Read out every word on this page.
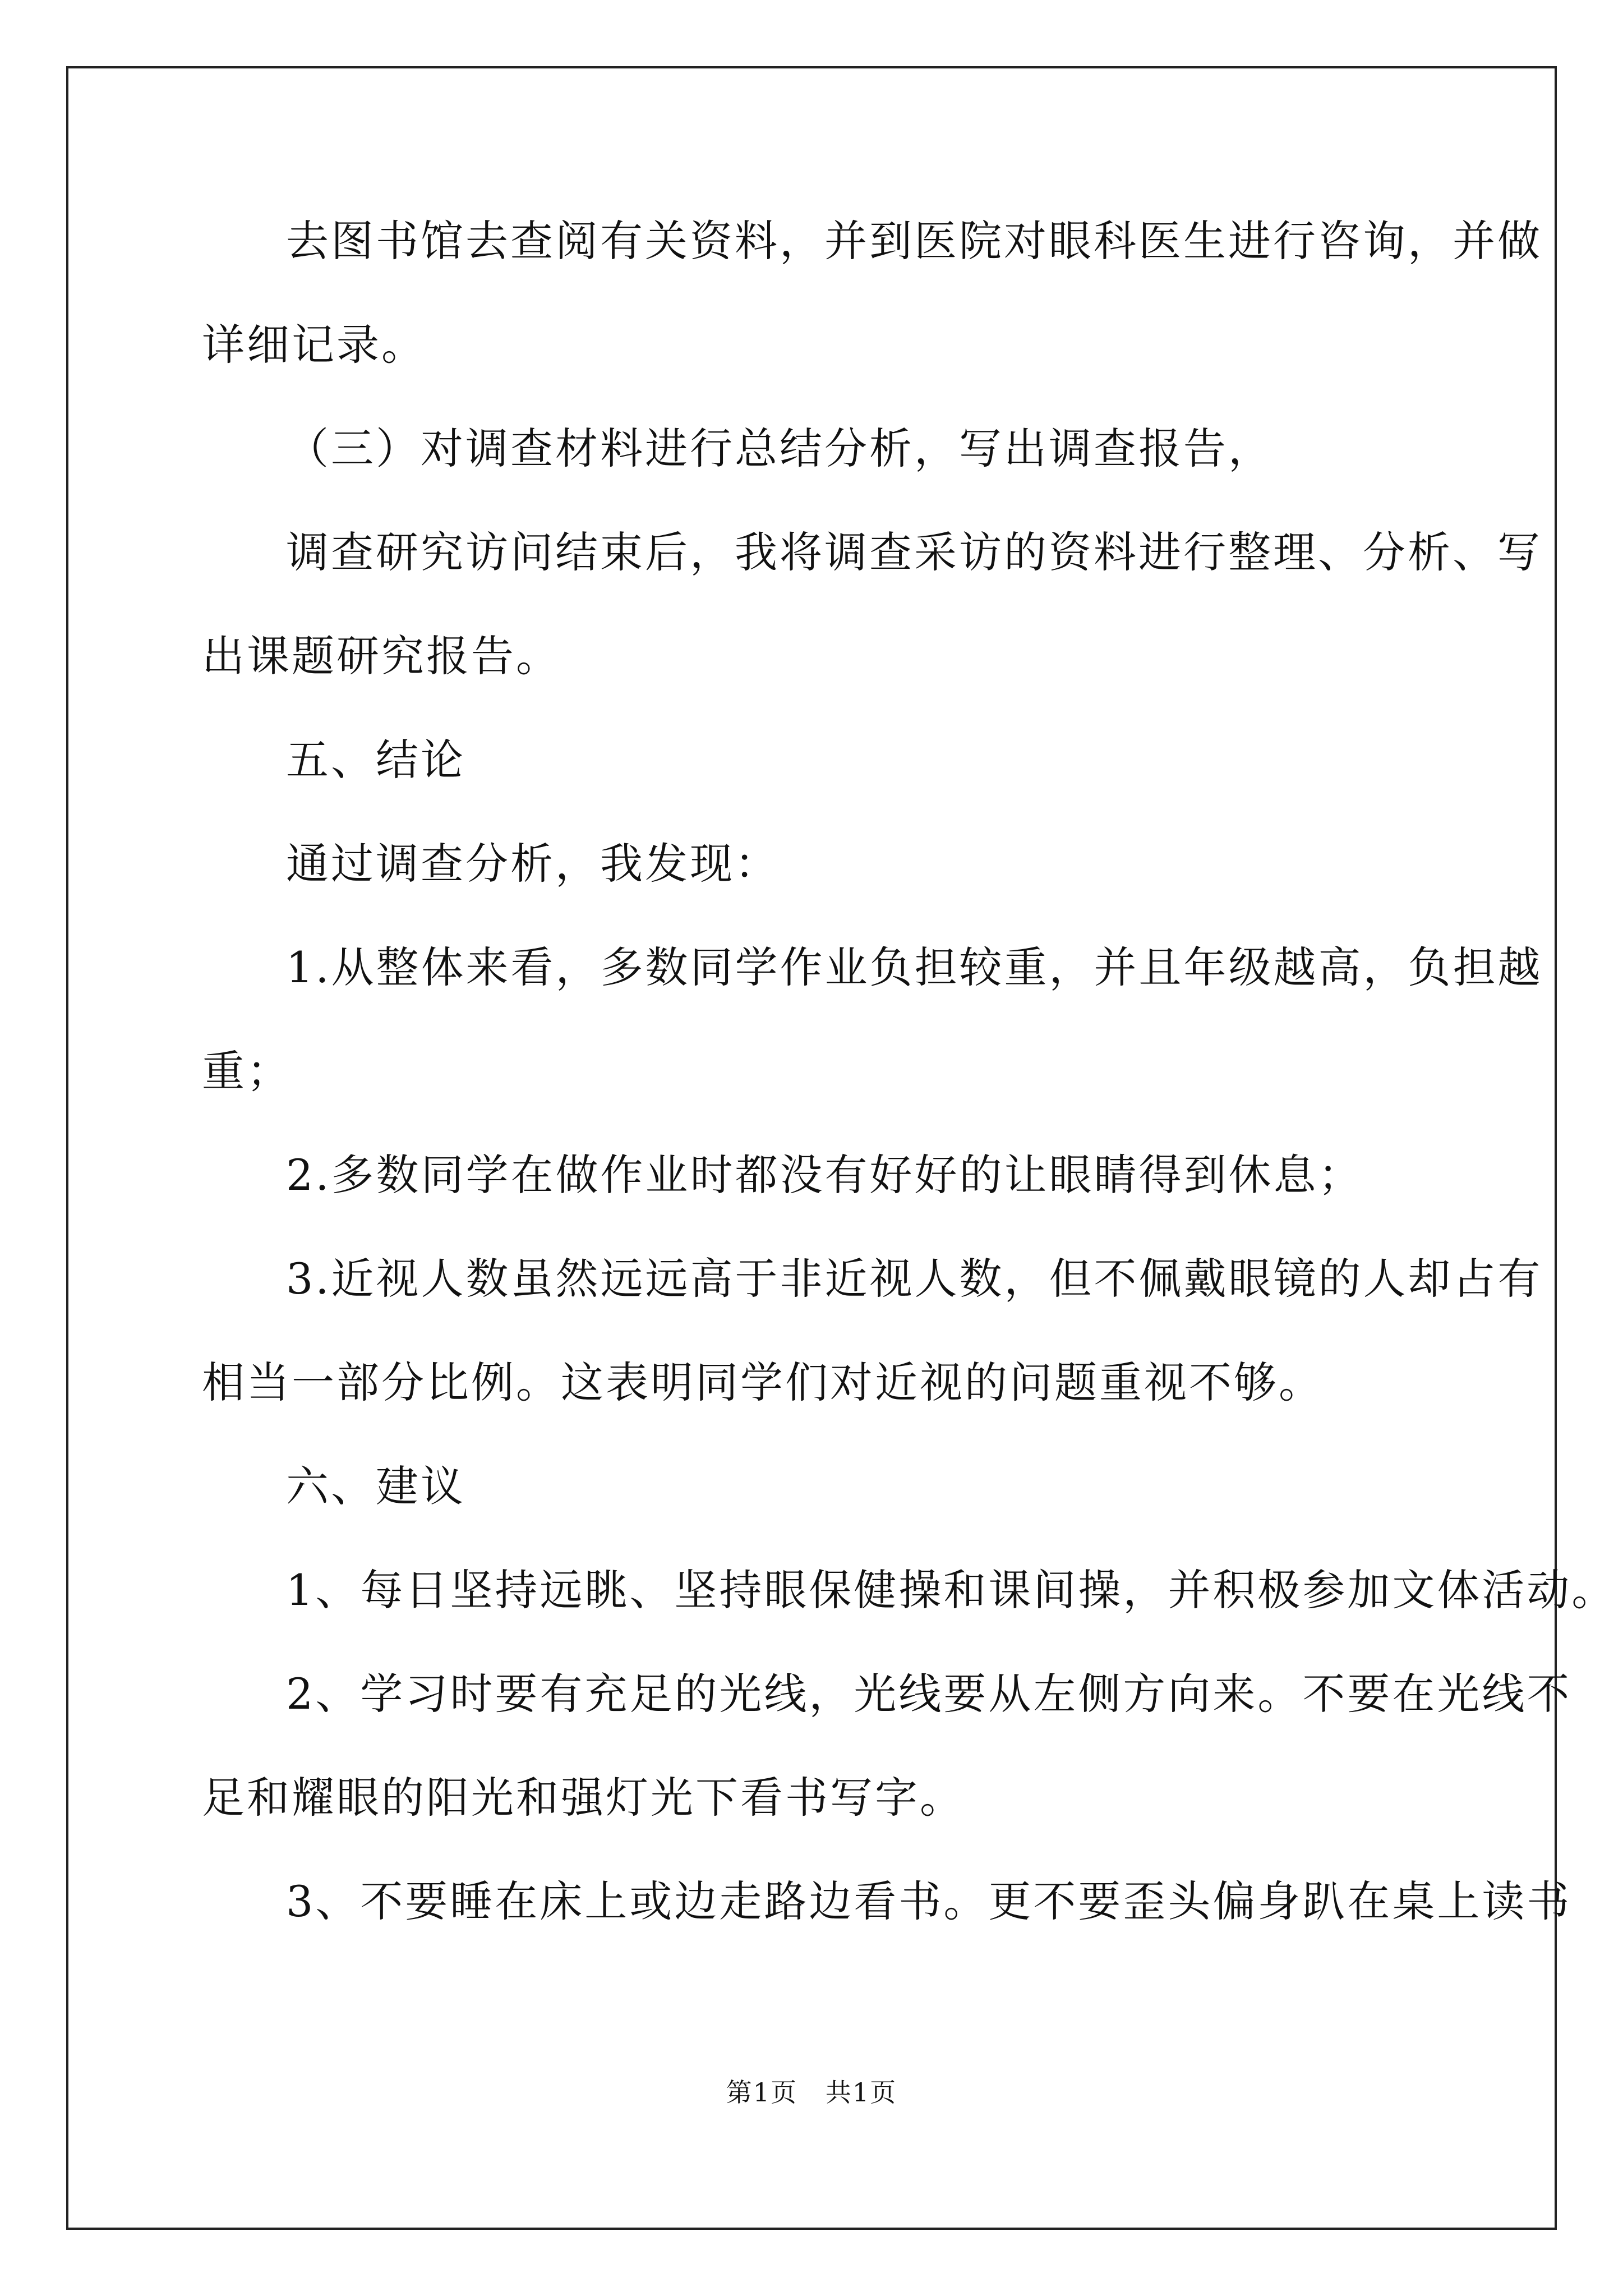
去图书馆去查阅有关资料，并到医院对眼科医生进行咨询，并做
详细记录。
（三）对调查材料进行总结分析，写出调查报告，
调查研究访问结束后，我将调查采访的资料进行整理、分析、写
出课题研究报告。
五、结论
通过调查分析，我发现：
1.从整体来看，多数同学作业负担较重，并且年级越高，负担越
重；
2.多数同学在做作业时都没有好好的让眼睛得到休息；
3.近视人数虽然远远高于非近视人数，但不佩戴眼镜的人却占有
相当一部分比例。这表明同学们对近视的问题重视不够。
六、建议
1、每日坚持远眺、坚持眼保健操和课间操，并积极参加文体活动。
2、学习时要有充足的光线，光线要从左侧方向来。不要在光线不
足和耀眼的阳光和强灯光下看书写字。
3、不要睡在床上或边走路边看书。更不要歪头偏身趴在桌上读书
第1页   共1页
